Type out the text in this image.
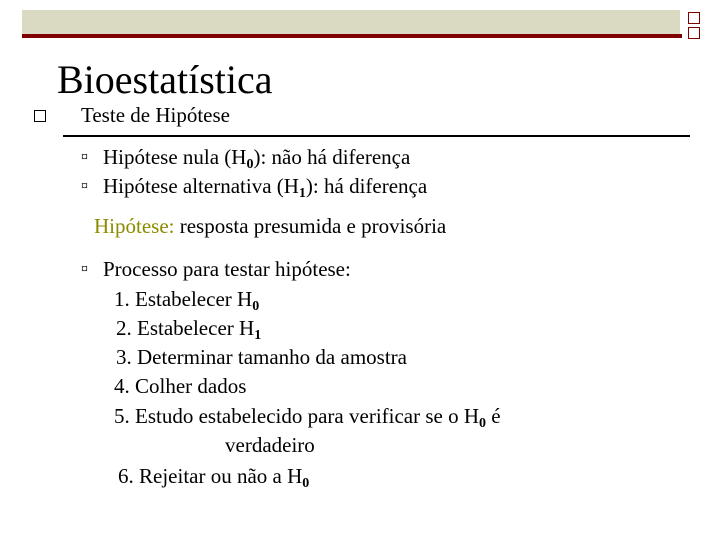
Bioestatística
Teste de Hipótese
¤ Hipótese nula $(H_0)$: não há diferença
¤ Hipótese alternativa $(H_1)$: há diferença
Hipótese: resposta presumida e provisória
¤ Processo para testar hipótese:
1. Estabelecer $H_0$
2. Estabelecer $H_1$
3. Determinar tamanho da amostra
4. Colher dados
5. Estudo estabelecido para verificar se o $H_0$ é
verdadeiro
6. Rejeitar ou não a $H_0$
